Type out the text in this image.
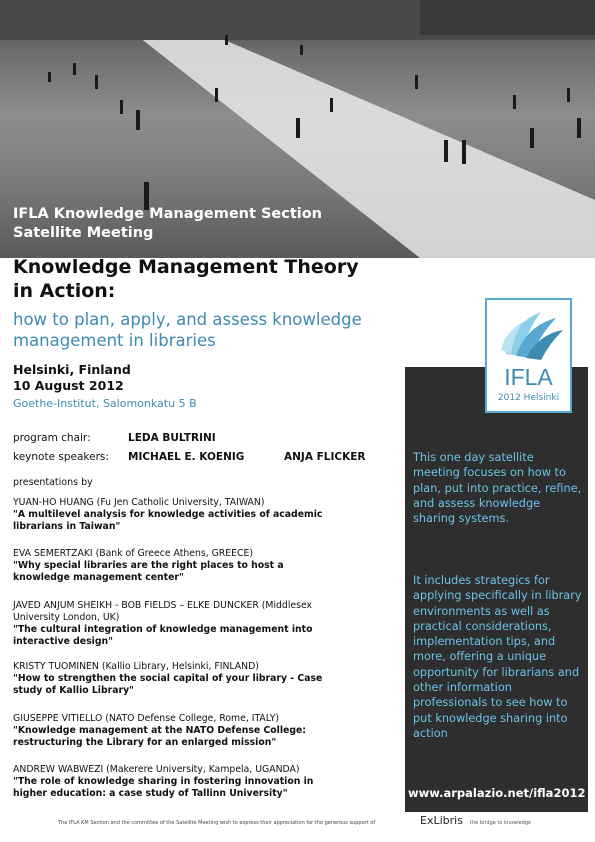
IFLA Knowledge Management Section
Satellite Meeting
Knowledge Management Theory
in Action:
how to plan, apply, and assess knowledge
management in libraries
Helsinki, Finland
10 August 2012
Goethe-Institut, Salomonkatu 5 B
program chair:	LEDA BULTRINI
keynote speakers: MICHAEL E. KOENIG	ANJA FLICKER
presentations by
YUAN-HO HUANG (Fu Jen Catholic University, TAIWAN)
"A multilevel analysis for knowledge activities of academic
librarians in Taiwan"
EVA SEMERTZAKI (Bank of Greece Athens, GREECE)
"Why special libraries are the right places to host a
knowledge management center"
JAVED ANJUM SHEIKH - BOB FIELDS – ELKE DUNCKER (Middlesex
University London, UK)
"The cultural integration of knowledge management into
interactive design"
KRISTY TUOMINEN (Kallio Library, Helsinki, FINLAND)
"How to strengthen the social capital of your library - Case
study of Kallio Library"
GIUSEPPE VITIELLO (NATO Defense College, Rome, ITALY)
"Knowledge management at the NATO Defense College:
restructuring the Library for an enlarged mission"
ANDREW WABWEZI (Makerere University, Kampela, UGANDA)
"The role of knowledge sharing in fostering innovation in
higher education: a case study of Tallinn University"
IFLA
2012 Helsinki
This one day satellite meeting focuses on how to plan, put into practice, refine, and assess knowledge sharing systems.
It includes strategics for applying specifically in library environments as well as practical considerations, implementation tips, and more, offering a unique opportunity for librarians and other information professionals to see how to put knowledge sharing into action
www.arpalazio.net/ifla2012
The IFLA KM Section and the committee of the Satellite Meeting wish to express their appreciation for the generous support of	ExLibris the bridge to knowledge
